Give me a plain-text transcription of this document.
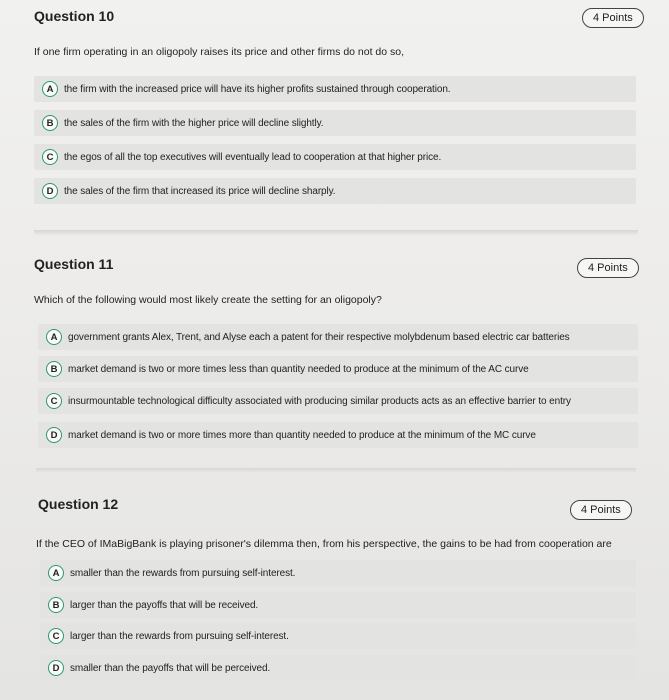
Question 10	4 Points
If one firm operating in an oligopoly raises its price and other firms do not do so,
A	the firm with the increased price will have its higher profits sustained through cooperation.
B	the sales of the firm with the higher price will decline slightly.
C	the egos of all the top executives will eventually lead to cooperation at that higher price.
D	the sales of the firm that increased its price will decline sharply.
Question 11	4 Points
Which of the following would most likely create the setting for an oligopoly?
A	government grants Alex, Trent, and Alyse each a patent for their respective molybdenum based electric car batteries
B	market demand is two or more times less than quantity needed to produce at the minimum of the AC curve
C	insurmountable technological difficulty associated with producing similar products acts as an effective barrier to entry
D	market demand is two or more times more than quantity needed to produce at the minimum of the MC curve
Question 12	4 Points
If the CEO of IMaBigBank is playing prisoner's dilemma then, from his perspective, the gains to be had from cooperation are
A	smaller than the rewards from pursuing self-interest.
B	larger than the payoffs that will be received.
C	larger than the rewards from pursuing self-interest.
D	smaller than the payoffs that will be perceived.
